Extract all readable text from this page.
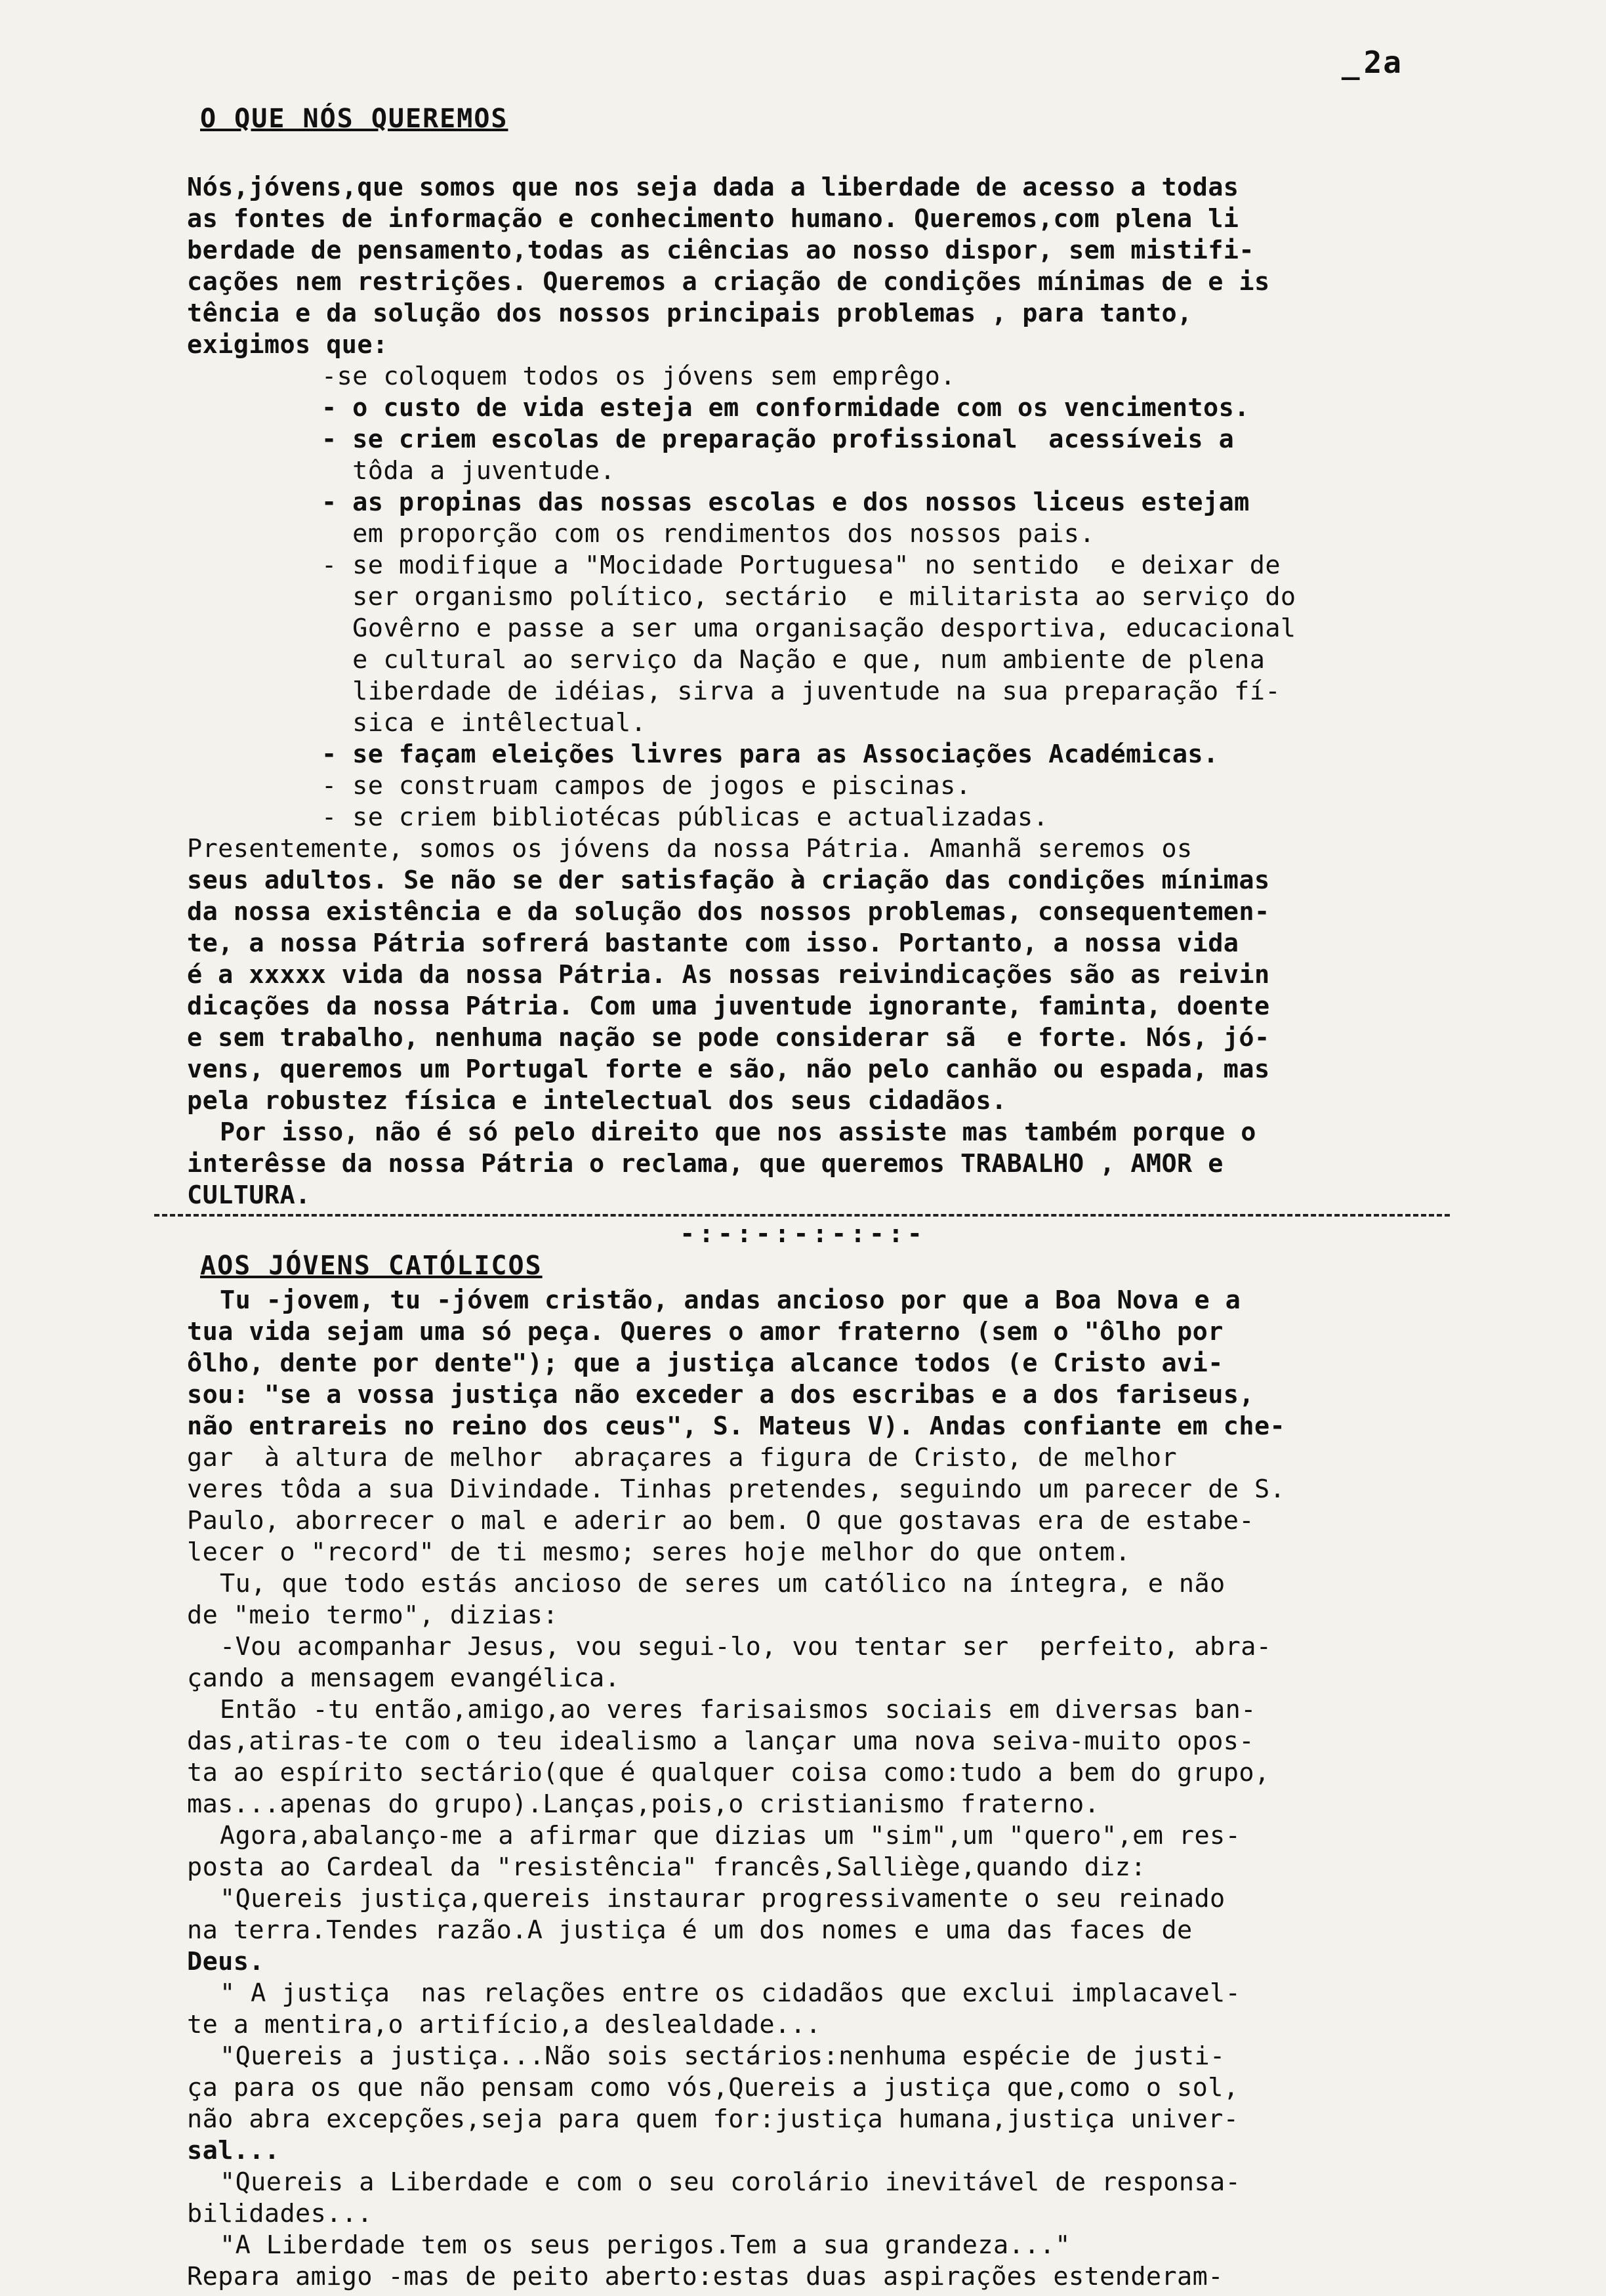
_ 2a
O QUE NÓS QUEREMOS
Nós,jóvens,que somos que nos seja dada a liberdade de acesso a todas
as fontes de informação e conhecimento humano. Queremos,com plena li
berdade de pensamento,todas as ciências ao nosso dispor, sem mistifi-
cações nem restrições. Queremos a criação de condições mínimas de e is
tência e da solução dos nossos principais problemas , para tanto,
exigimos que:
-se coloquem todos os jóvens sem emprêgo.
- o custo de vida esteja em conformidade com os vencimentos.
- se criem escolas de preparação profissional  acessíveis a
tôda a juventude.
- as propinas das nossas escolas e dos nossos liceus estejam
em proporção com os rendimentos dos nossos pais.
- se modifique a "Mocidade Portuguesa" no sentido  e deixar de
ser organismo político, sectário  e militarista ao serviço do
Govêrno e passe a ser uma organisação desportiva, educacional
e cultural ao serviço da Nação e que, num ambiente de plena
liberdade de idéias, sirva a juventude na sua preparação fí-
sica e intêlectual.
- se façam eleições livres para as Associações Académicas.
- se construam campos de jogos e piscinas.
- se criem bibliotécas públicas e actualizadas.
Presentemente, somos os jóvens da nossa Pátria. Amanhã seremos os
seus adultos. Se não se der satisfação à criação das condições mínimas
da nossa existência e da solução dos nossos problemas, consequentemen-
te, a nossa Pátria sofrerá bastante com isso. Portanto, a nossa vida
é a xxxxx vida da nossa Pátria. As nossas reivindicações são as reivin
dicações da nossa Pátria. Com uma juventude ignorante, faminta, doente
e sem trabalho, nenhuma nação se pode considerar sã  e forte. Nós, jó-
vens, queremos um Portugal forte e são, não pelo canhão ou espada, mas
pela robustez física e intelectual dos seus cidadãos.
Por isso, não é só pelo direito que nos assiste mas também porque o
interêsse da nossa Pátria o reclama, que queremos TRABALHO , AMOR e
CULTURA.
-:-:-:-:-:-:-
AOS JÓVENS CATÓLICOS
Tu -jovem, tu -jóvem cristão, andas ancioso por que a Boa Nova e a
tua vida sejam uma só peça. Queres o amor fraterno (sem o "ôlho por
ôlho, dente por dente"); que a justiça alcance todos (e Cristo avi-
sou: "se a vossa justiça não exceder a dos escribas e a dos fariseus,
não entrareis no reino dos ceus", S. Mateus V). Andas confiante em che-
gar  à altura de melhor  abraçares a figura de Cristo, de melhor
veres tôda a sua Divindade. Tinhas pretendes, seguindo um parecer de S.
Paulo, aborrecer o mal e aderir ao bem. O que gostavas era de estabe-
lecer o "record" de ti mesmo; seres hoje melhor do que ontem.
Tu, que todo estás ancioso de seres um católico na íntegra, e não
de "meio termo", dizias:
-Vou acompanhar Jesus, vou segui-lo, vou tentar ser  perfeito, abra-
çando a mensagem evangélica.
Então -tu então,amigo,ao veres farisaismos sociais em diversas ban-
das,atiras-te com o teu idealismo a lançar uma nova seiva-muito opos-
ta ao espírito sectário(que é qualquer coisa como:tudo a bem do grupo,
mas...apenas do grupo).Lanças,pois,o cristianismo fraterno.
Agora,abalanço-me a afirmar que dizias um "sim",um "quero",em res-
posta ao Cardeal da "resistência" francês,Salliège,quando diz:
"Quereis justiça,quereis instaurar progressivamente o seu reinado
na terra.Tendes razão.A justiça é um dos nomes e uma das faces de
Deus.
" A justiça  nas relações entre os cidadãos que exclui implacavel-
te a mentira,o artifício,a deslealdade...
"Quereis a justiça...Não sois sectários:nenhuma espécie de justi-
ça para os que não pensam como vós,Quereis a justiça que,como o sol,
não abra excepções,seja para quem for:justiça humana,justiça univer-
sal...
"Quereis a Liberdade e com o seu corolário inevitável de responsa-
bilidades...
"A Liberdade tem os seus perigos.Tem a sua grandeza..."
Repara amigo -mas de peito aberto:estas duas aspirações estenderam-
